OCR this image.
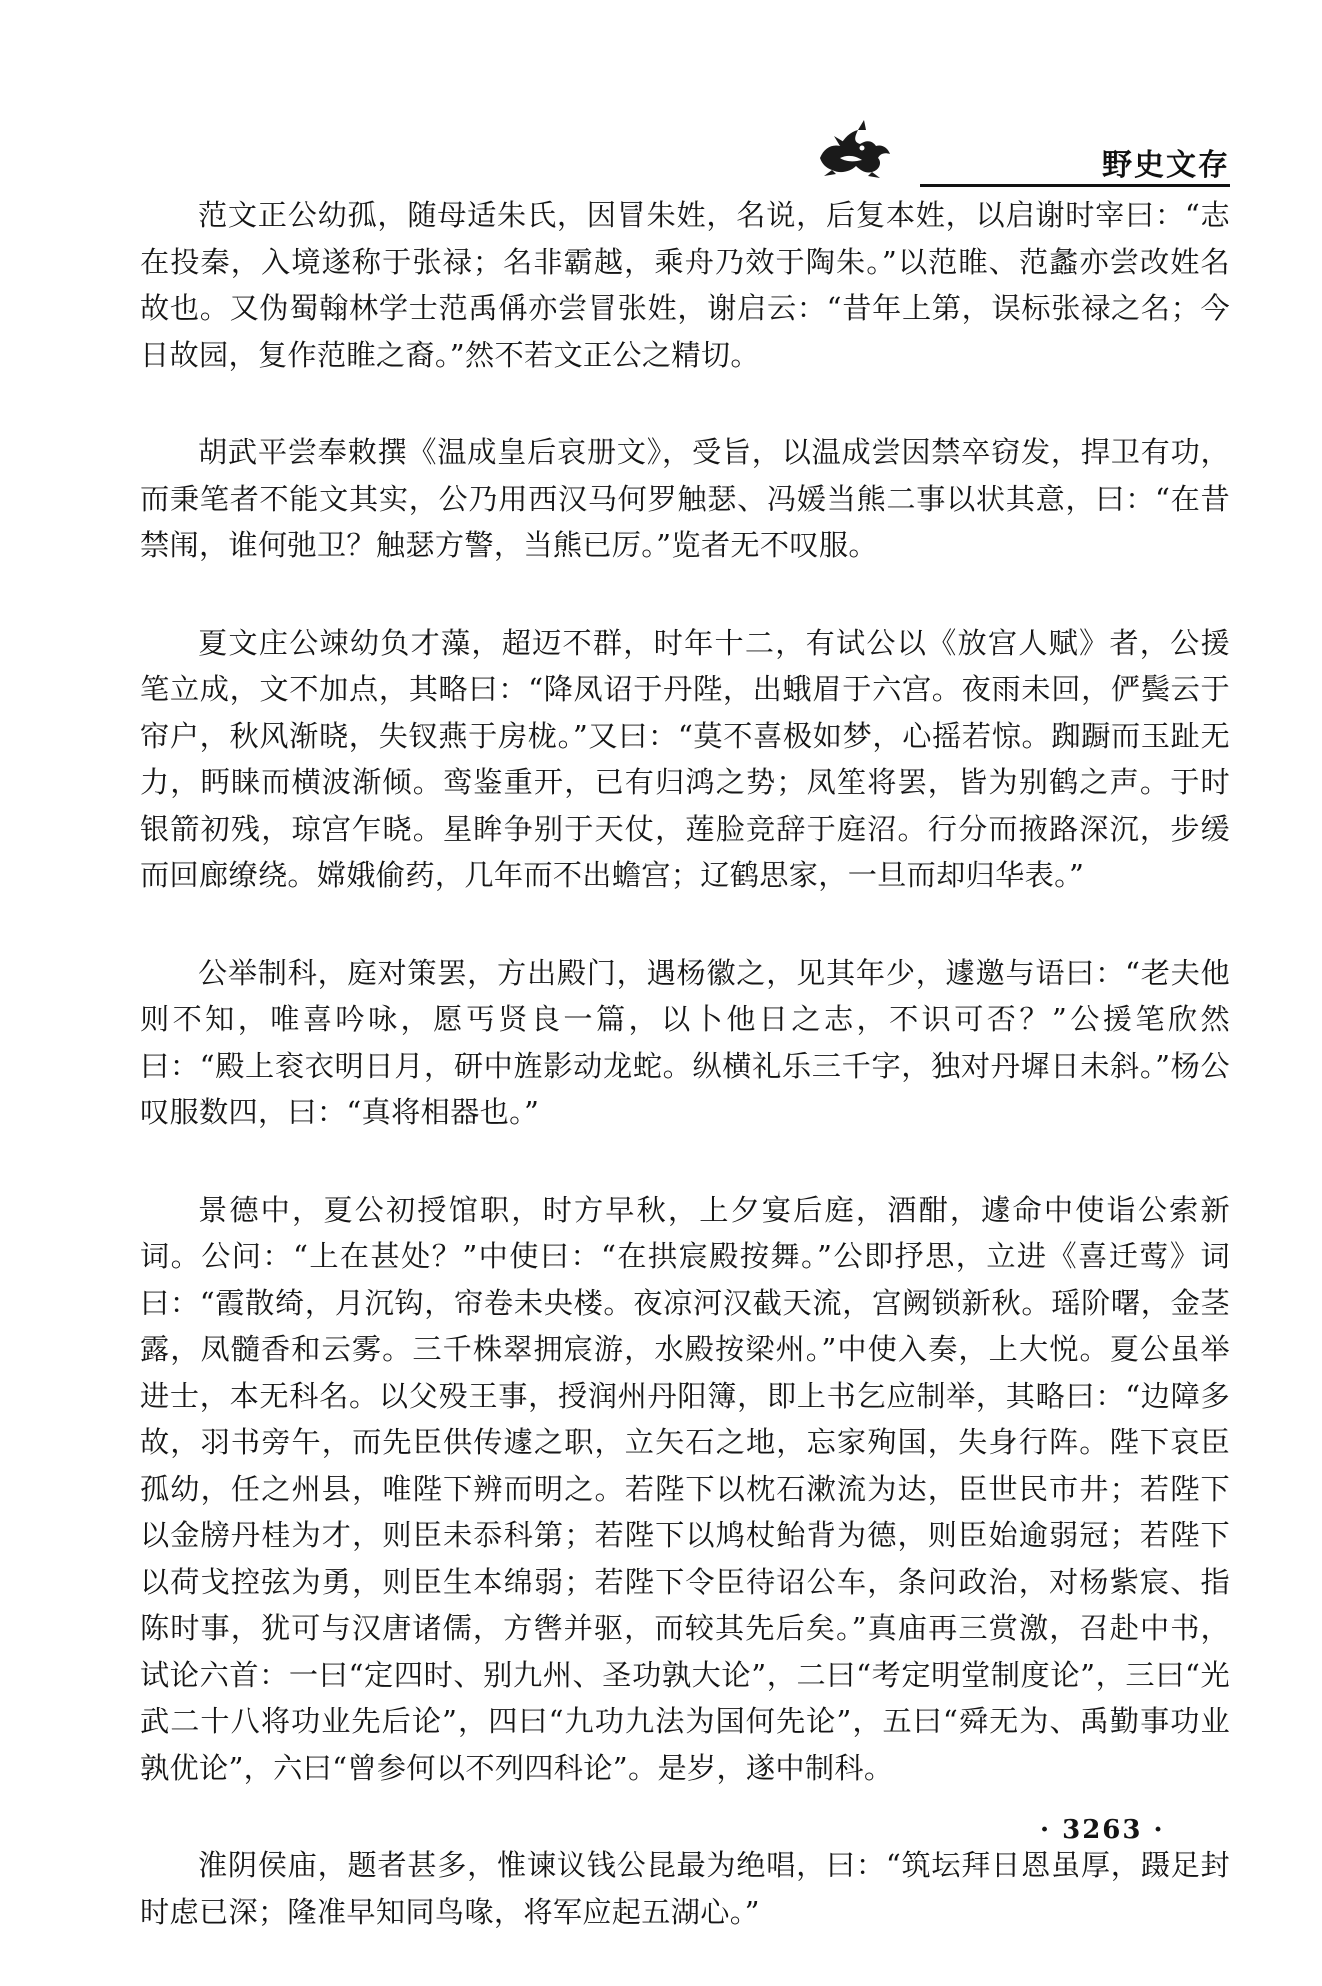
野史文存

范文正公幼孤，随母适朱氏，因冒朱姓，名说，后复本姓，以启谢时宰曰：“志在投秦，入境遂称于张禄；名非霸越，乘舟乃效于陶朱。”以范睢、范蠡亦尝改姓名故也。又伪蜀翰林学士范禹偁亦尝冒张姓，谢启云：“昔年上第，误标张禄之名；今日故园，复作范睢之裔。”然不若文正公之精切。

胡武平尝奉敕撰《温成皇后哀册文》，受旨，以温成尝因禁卒窃发，捍卫有功，而秉笔者不能文其实，公乃用西汉马何罗触瑟、冯媛当熊二事以状其意，曰：“在昔禁闱，谁何弛卫？触瑟方警，当熊已厉。”览者无不叹服。

夏文庄公竦幼负才藻，超迈不群，时年十二，有试公以《放宫人赋》者，公援笔立成，文不加点，其略曰：“降凤诏于丹陛，出蛾眉于六宫。夜雨未回，俨鬓云于帘户，秋风渐晓，失钗燕于房栊。”又曰：“莫不喜极如梦，心摇若惊。踟蹰而玉趾无力，眄睐而横波渐倾。鸾鉴重开，已有归鸿之势；凤笙将罢，皆为别鹤之声。于时银箭初残，琼宫乍晓。星眸争别于天仗，莲脸竞辞于庭沼。行分而掖路深沉，步缓而回廊缭绕。嫦娥偷药，几年而不出蟾宫；辽鹤思家，一旦而却归华表。”

公举制科，庭对策罢，方出殿门，遇杨徽之，见其年少，遽邀与语曰：“老夫他则不知，唯喜吟咏，愿丐贤良一篇，以卜他日之志，不识可否？”公援笔欣然曰：“殿上衮衣明日月，研中旌影动龙蛇。纵横礼乐三千字，独对丹墀日未斜。”杨公叹服数四，曰：“真将相器也。”

景德中，夏公初授馆职，时方早秋，上夕宴后庭，酒酣，遽命中使诣公索新词。公问：“上在甚处？”中使曰：“在拱宸殿按舞。”公即抒思，立进《喜迁莺》词曰：“霞散绮，月沉钩，帘卷未央楼。夜凉河汉截天流，宫阙锁新秋。瑶阶曙，金茎露，凤髓香和云雾。三千株翠拥宸游，水殿按梁州。”中使入奏，上大悦。夏公虽举进士，本无科名。以父殁王事，授润州丹阳簿，即上书乞应制举，其略曰：“边障多故，羽书旁午，而先臣供传遽之职，立矢石之地，忘家殉国，失身行阵。陛下哀臣孤幼，任之州县，唯陛下辨而明之。若陛下以枕石漱流为达，臣世民市井；若陛下以金牓丹桂为才，则臣未忝科第；若陛下以鸠杖鲐背为德，则臣始逾弱冠；若陛下以荷戈控弦为勇，则臣生本绵弱；若陛下令臣待诏公车，条问政治，对杨紫宸、指陈时事，犹可与汉唐诸儒，方辔并驱，而较其先后矣。”真庙再三赏激，召赴中书，试论六首：一曰“定四时、别九州、圣功孰大论”，二曰“考定明堂制度论”，三曰“光武二十八将功业先后论”，四曰“九功九法为国何先论”，五曰“舜无为、禹勤事功业孰优论”，六曰“曾参何以不列四科论”。是岁，遂中制科。

淮阴侯庙，题者甚多，惟谏议钱公昆最为绝唱，曰：“筑坛拜日恩虽厚，蹑足封时虑已深；隆准早知同鸟喙，将军应起五湖心。”

· 3263 ·
